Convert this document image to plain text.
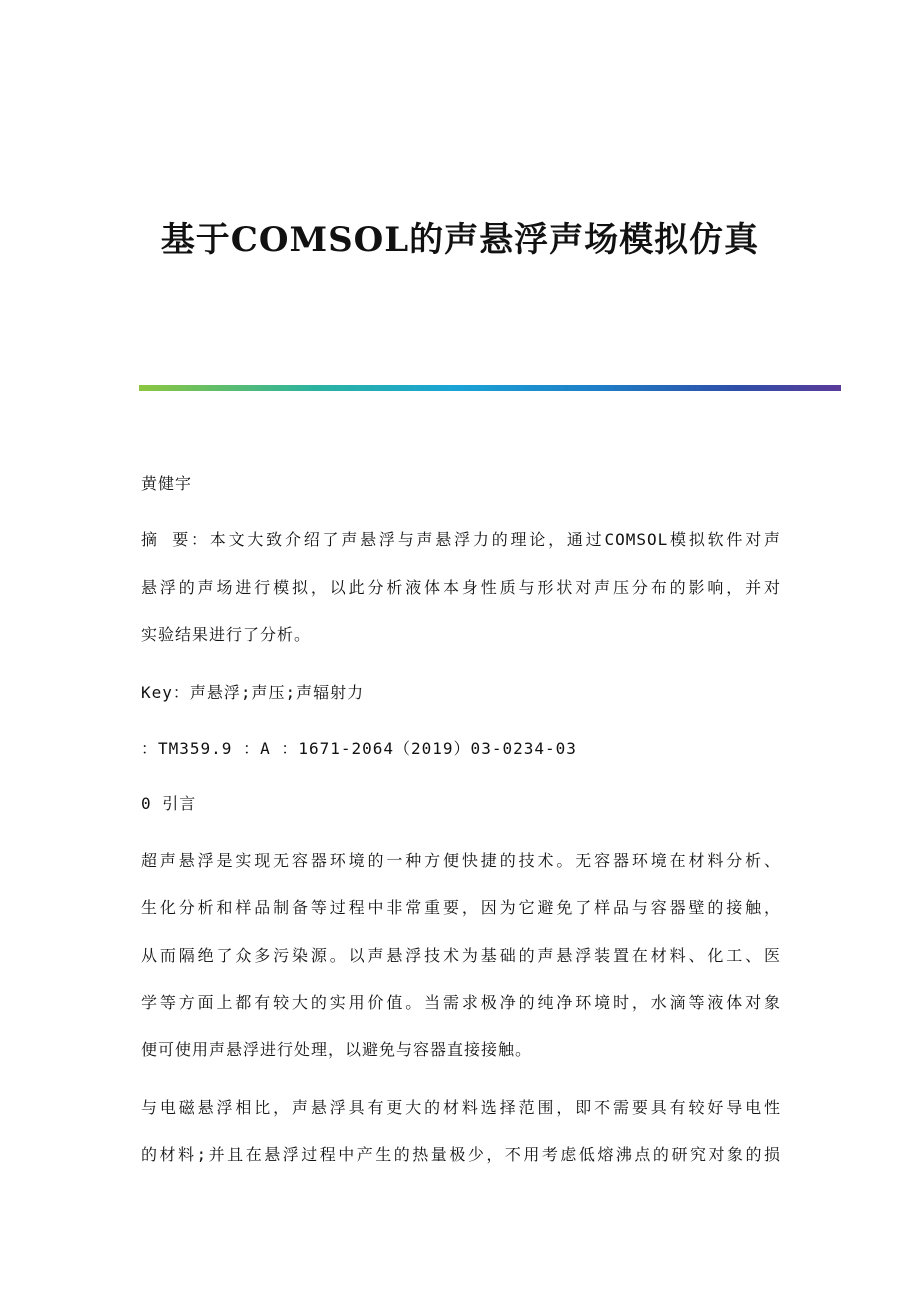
基于COMSOL的声悬浮声场模拟仿真

黄健宇

摘 要：本文大致介绍了声悬浮与声悬浮力的理论，通过COMSOL模拟软件对声

悬浮的声场进行模拟，以此分析液体本身性质与形状对声压分布的影响，并对

实验结果进行了分析。

Key：声悬浮;声压;声辐射力

：TM359.9 ：A ：1671-2064（2019）03-0234-03

0 引言

超声悬浮是实现无容器环境的一种方便快捷的技术。无容器环境在材料分析、

生化分析和样品制备等过程中非常重要，因为它避免了样品与容器壁的接触，

从而隔绝了众多污染源。以声悬浮技术为基础的声悬浮装置在材料、化工、医

学等方面上都有较大的实用价值。当需求极净的纯净环境时，水滴等液体对象

便可使用声悬浮进行处理，以避免与容器直接接触。

与电磁悬浮相比，声悬浮具有更大的材料选择范围，即不需要具有较好导电性

的材料;并且在悬浮过程中产生的热量极少，不用考虑低熔沸点的研究对象的损
